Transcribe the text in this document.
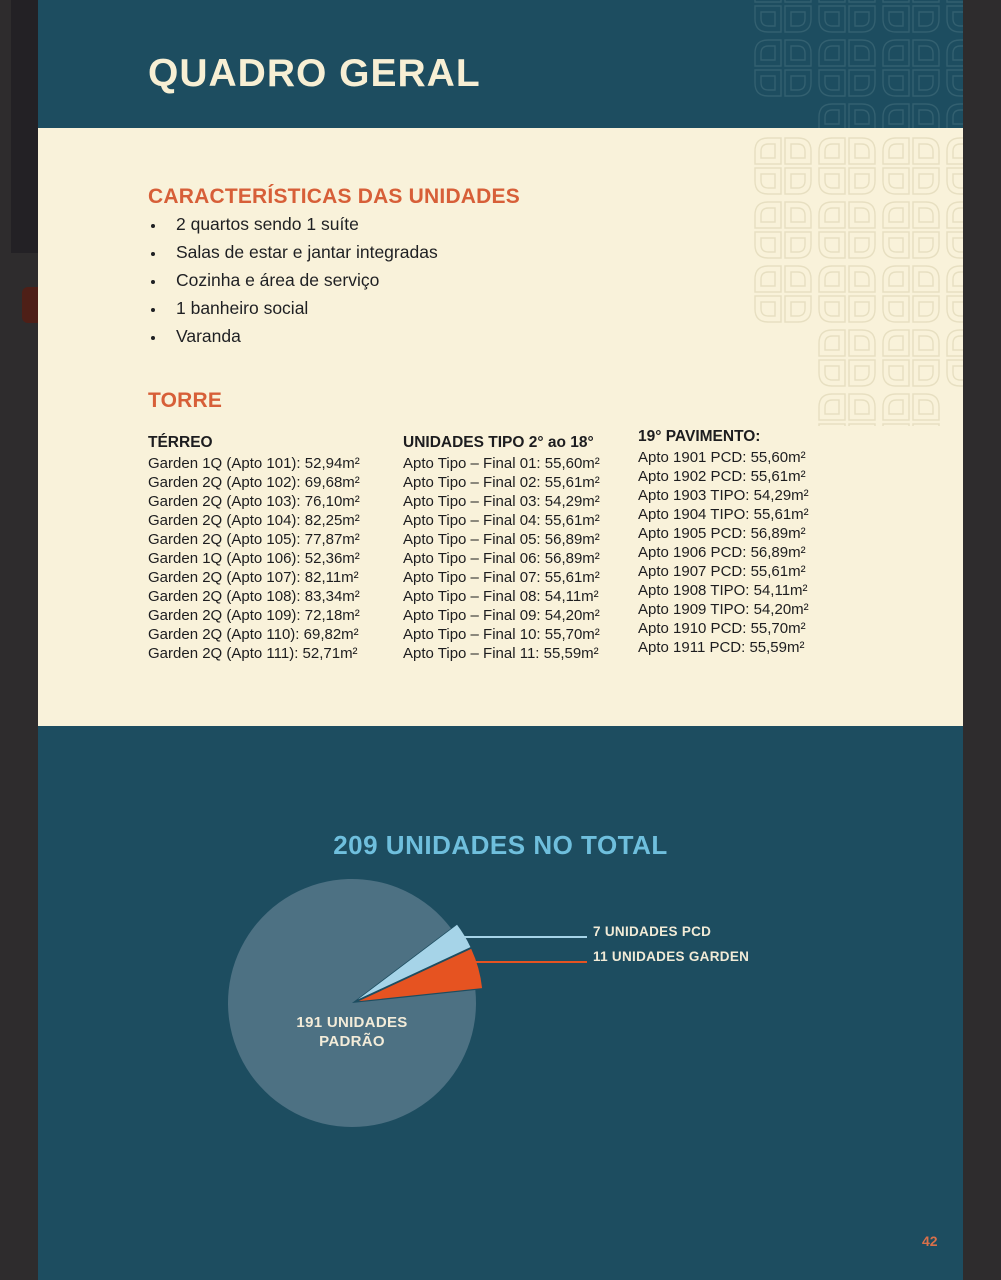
QUADRO GERAL
CARACTERÍSTICAS DAS UNIDADES
• 2 quartos sendo 1 suíte
• Salas de estar e jantar integradas
• Cozinha e área de serviço
• 1 banheiro social
• Varanda
TORRE
TÉRREO
Garden 1Q (Apto 101): 52,94m²
Garden 2Q (Apto 102): 69,68m²
Garden 2Q (Apto 103): 76,10m²
Garden 2Q (Apto 104): 82,25m²
Garden 2Q (Apto 105): 77,87m²
Garden 1Q (Apto 106): 52,36m²
Garden 2Q (Apto 107): 82,11m²
Garden 2Q (Apto 108): 83,34m²
Garden 2Q (Apto 109): 72,18m²
Garden 2Q (Apto 110): 69,82m²
Garden 2Q (Apto 111): 52,71m²
UNIDADES TIPO 2° ao 18°
Apto Tipo – Final 01: 55,60m²
Apto Tipo – Final 02: 55,61m²
Apto Tipo – Final 03: 54,29m²
Apto Tipo – Final 04: 55,61m²
Apto Tipo – Final 05: 56,89m²
Apto Tipo – Final 06: 56,89m²
Apto Tipo – Final 07: 55,61m²
Apto Tipo – Final 08: 54,11m²
Apto Tipo – Final 09: 54,20m²
Apto Tipo – Final 10: 55,70m²
Apto Tipo – Final 11: 55,59m²
19° PAVIMENTO:
Apto 1901 PCD: 55,60m²
Apto 1902 PCD: 55,61m²
Apto 1903 TIPO: 54,29m²
Apto 1904 TIPO: 55,61m²
Apto 1905 PCD: 56,89m²
Apto 1906 PCD: 56,89m²
Apto 1907 PCD: 55,61m²
Apto 1908 TIPO: 54,11m²
Apto 1909 TIPO: 54,20m²
Apto 1910 PCD: 55,70m²
Apto 1911 PCD: 55,59m²
209 UNIDADES NO TOTAL
7 UNIDADES PCD
11 UNIDADES GARDEN
191 UNIDADES
PADRÃO
42
